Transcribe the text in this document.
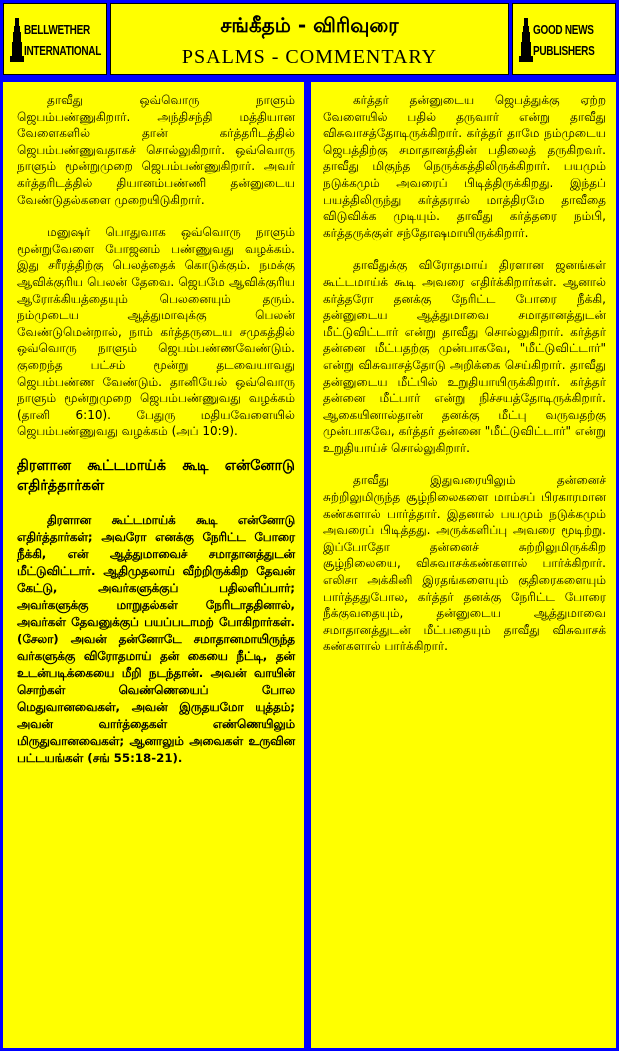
BELLWETHER INTERNATIONAL
சங்கீதம் - விரிவுரை
PSALMS - COMMENTARY
GOOD NEWS PUBLISHERS

தாவீது ஒவ்வொரு நாளும் ஜெபம்பண்ணுகிறார். அந்திசந்தி மத்தியான வேளைகளில் தான் கர்த்தரிடத்தில் ஜெபம்பண்ணுவதாகச் சொல்லுகிறார். ஒவ்வொரு நாளும் மூன்றுமுறை ஜெபம்பண்ணுகிறார். அவர் கர்த்தரிடத்தில் தியானம்பண்ணி தன்னுடைய வேண்டுதல்களை முறையிடுகிறார்.

மனுஷர் பொதுவாக ஒவ்வொரு நாளும் மூன்றுவேளை போஜனம் பண்ணுவது வழக்கம். இது சரீரத்திற்கு பெலத்தைக் கொடுக்கும். நமக்கு ஆவிக்குரிய பெலன் தேவை. ஜெபமே ஆவிக்குரிய ஆரோக்கியத்தையும் பெலனையும் தரும். நம்முடைய ஆத்துமாவுக்கு பெலன் வேண்டுமென்றால், நாம் கர்த்தருடைய சமுகத்தில் ஒவ்வொரு நாளும் ஜெபம்பண்ணவேண்டும். குறைந்த பட்சம் மூன்று தடவையாவது ஜெபம்பண்ண வேண்டும். தானியேல் ஒவ்வொரு நாளும் மூன்றுமுறை ஜெபம்பண்ணுவது வழக்கம் (தானி 6:10). பேதுரு மதியவேளையில் ஜெபம்பண்ணுவது வழக்கம் (அப் 10:9).

திரளான கூட்டமாய்க் கூடி என்னோடு எதிர்த்தார்கள்

திரளான கூட்டமாய்க் கூடி என்னோடு எதிர்த்தார்கள்; அவரோ எனக்கு நேரிட்ட போரை நீக்கி, என் ஆத்துமாவைச் சமாதானத்துடன் மீட்டுவிட்டார். ஆதிமுதலாய் வீற்றிருக்கிற தேவன் கேட்டு, அவர்களுக்குப் பதிலளிப்பார்; அவர்களுக்கு மாறுதல்கள் நேரிடாததினால், அவர்கள் தேவனுக்குப் பயப்படாமற் போகிறார்கள். (சேலா) அவன் தன்னோடே சமாதானமாயிருந்த வர்களுக்கு விரோதமாய் தன் கையை நீட்டி, தன் உடன்படிக்கையை மீறி நடந்தான். அவன் வாயின் சொற்கள் வெண்ணெயைப் போல மெதுவானவைகள், அவன் இருதயமோ யுத்தம்; அவன் வார்த்தைகள் எண்ணெயிலும் மிருதுவானவைகள்; ஆனாலும் அவைகள் உருவின பட்டயங்கள் (சங் 55:18-21).

கர்த்தர் தன்னுடைய ஜெபத்துக்கு ஏற்ற வேளையில் பதில் தருவார் என்று தாவீது விசுவாசத்தோடிருக்கிறார். கர்த்தர் தாமே நம்முடைய ஜெபத்திற்கு சமாதானத்தின் பதிலைத் தருகிறவர். தாவீது மிகுந்த நெருக்கத்திலிருக்கிறார். பயமும் நடுக்கமும் அவரைப் பிடித்திருக்கிறது. இந்தப் பயத்திலிருந்து கர்த்தரால் மாத்திரமே தாவீதை விடுவிக்க முடியும். தாவீது கர்த்தரை நம்பி, கர்த்தருக்குள் சந்தோஷமாயிருக்கிறார்.

தாவீதுக்கு விரோதமாய் திரளான ஜனங்கள் கூட்டமாய்க் கூடி அவரை எதிர்க்கிறார்கள். ஆனால் கர்த்தரோ தனக்கு நேரிட்ட போரை நீக்கி, தன்னுடைய ஆத்துமாவை சமாதானத்துடன் மீட்டுவிட்டார் என்று தாவீது சொல்லுகிறார். கர்த்தர் தன்னை மீட்பதற்கு முன்பாகவே, "மீட்டுவிட்டார்" என்று விசுவாசத்தோடு அறிக்கை செய்கிறார். தாவீது தன்னுடைய மீட்பில் உறுதியாயிருக்கிறார். கர்த்தர் தன்னை மீட்பார் என்று நிச்சயத்தோடிருக்கிறார். ஆகையினால்தான் தனக்கு மீட்பு வருவதற்கு முன்பாகவே, கர்த்தர் தன்னை "மீட்டுவிட்டார்" என்று உறுதியாய்ச் சொல்லுகிறார்.

தாவீது இதுவரையிலும் தன்னைச் சுற்றிலுமிருந்த சூழ்நிலைகளை மாம்சப் பிரகாரமான கண்களால் பார்த்தார். இதனால் பயமும் நடுக்கமும் அவரைப் பிடித்தது. அருக்களிப்பு அவரை மூடிற்று. இப்போதோ தன்னைச் சுற்றிலுமிருக்கிற சூழ்நிலையை, விசுவாசக்கண்களால் பார்க்கிறார். எலிசா அக்கினி இரதங்களையும் குதிரைகளையும் பார்த்ததுபோல, கர்த்தர் தனக்கு நேரிட்ட போரை நீக்குவதையும், தன்னுடைய ஆத்துமாவை சமாதானத்துடன் மீட்பதையும் தாவீது விசுவாசக் கண்களால் பார்க்கிறார்.
